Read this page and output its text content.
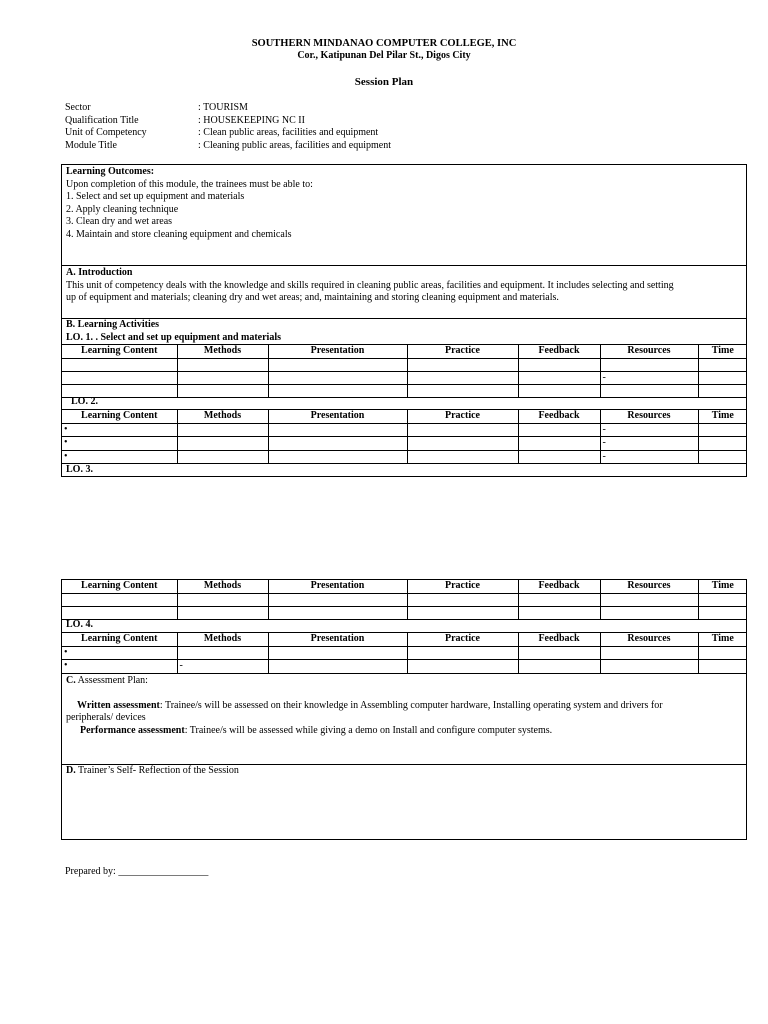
SOUTHERN MINDANAO COMPUTER COLLEGE, INC
Cor., Katipunan Del Pilar St., Digos City
Session Plan
Sector	: TOURISM
Qualification Title	: HOUSEKEEPING NC II
Unit of Competency	: Clean public areas, facilities and equipment
Module Title	: Cleaning public areas, facilities and equipment
Learning Outcomes:
Upon completion of this module, the trainees must be able to:
1. Select and set up equipment and materials
2. Apply cleaning technique
3. Clean dry and wet areas
4. Maintain and store cleaning equipment and chemicals
A. Introduction
This unit of competency deals with the knowledge and skills required in cleaning public areas, facilities and equipment. It includes selecting and setting
up of equipment and materials; cleaning dry and wet areas; and, maintaining and storing cleaning equipment and materials.
B. Learning Activities
LO. 1. . Select and set up equipment and materials
Learning Content	Methods	Presentation	Practice	Feedback	Resources	Time

					-	

LO. 2.
Learning Content	Methods	Presentation	Practice	Feedback	Resources	Time
•					-	
•					-	
•					-	
LO. 3.
Learning Content	Methods	Presentation	Practice	Feedback	Resources	Time

LO. 4.
Learning Content	Methods	Presentation	Practice	Feedback	Resources	Time
•						
•	-					
C. Assessment Plan:
Written assessment: Trainee/s will be assessed on their knowledge in Assembling computer hardware, Installing operating system and drivers for
peripherals/ devices
Performance assessment: Trainee/s will be assessed while giving a demo on Install and configure computer systems.
D. Trainer’s Self- Reflection of the Session
Prepared by: __________________
